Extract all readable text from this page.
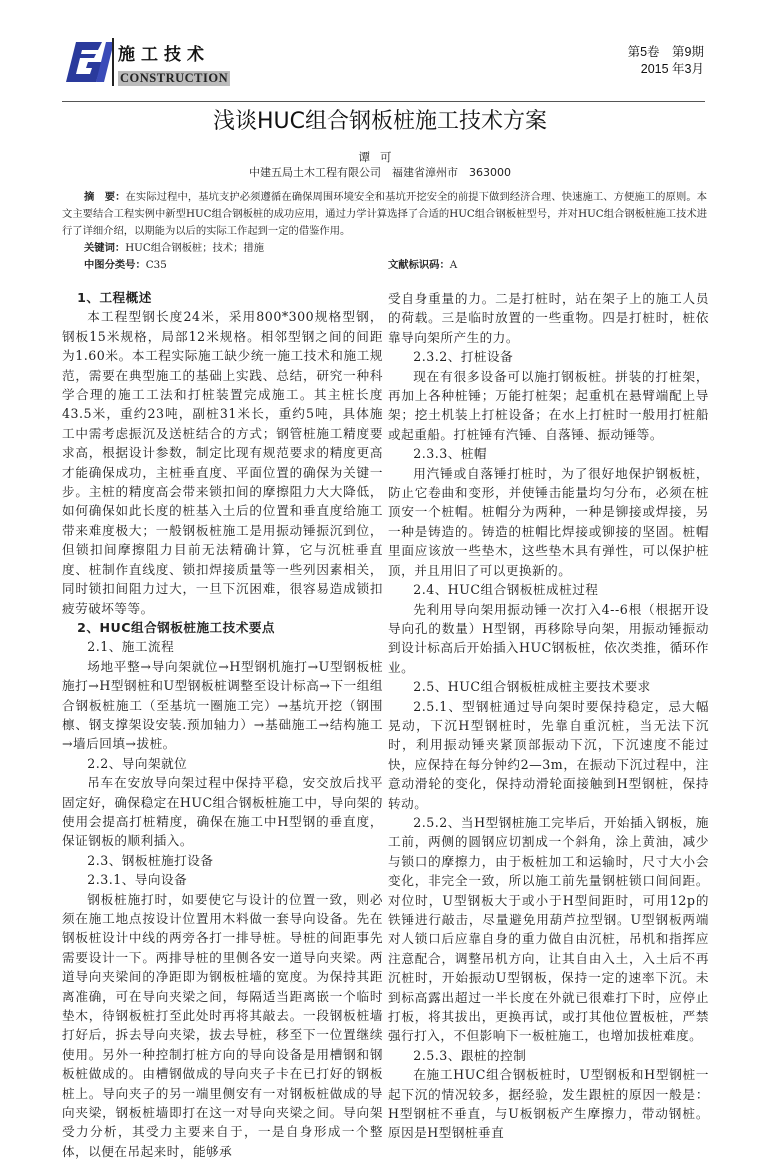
施工技术
CONSTRUCTION
第5卷　第9期
2015 年3月
浅谈HUC组合钢板桩施工技术方案
谭可
中建五局土木工程有限公司　福建省漳州市　363000
摘　要：在实际过程中，基坑支护必须遵循在确保周围环境安全和基坑开挖安全的前提下做到经济合理、快速施工、方便施工的原则。本文主要结合工程实例中新型HUC组合钢板桩的成功应用，通过力学计算选择了合适的HUC组合钢板桩型号，并对HUC组合钢板桩施工技术进行了详细介绍，以期能为以后的实际工作起到一定的借鉴作用。
关键词：HUC组合钢板桩；技术；措施
中图分类号：C35	文献标识码：A

1、工程概述

本工程型钢长度24米，采用800*300规格型钢，钢板15米规格，局部12米规格。相邻型钢之间的间距为1.60米。本工程实际施工缺少统一施工技术和施工规范，需要在典型施工的基础上实践、总结，研究一种科学合理的施工工法和打桩装置完成施工。其主桩长度43.5米，重约23吨，副桩31米长，重约5吨，具体施工中需考虑振沉及送桩结合的方式；钢管桩施工精度要求高，根据设计参数，制定比现有规范要求的精度更高才能确保成功，主桩垂直度、平面位置的确保为关键一步。主桩的精度高会带来锁扣间的摩擦阻力大大降低，如何确保如此长度的桩基入土后的位置和垂直度给施工带来难度极大；一般钢板桩施工是用振动锤振沉到位，但锁扣间摩擦阻力目前无法精确计算，它与沉桩垂直度、桩制作直线度、锁扣焊接质量等一些列因素相关，同时锁扣间阻力过大，一旦下沉困难，很容易造成锁扣疲劳破坏等等。

2、HUC组合钢板桩施工技术要点

2.1、施工流程

场地平整→导向架就位→H型钢机施打→U型钢板桩施打→H型钢桩和U型钢板桩调整至设计标高→下一组组合钢板桩施工（至基坑一圈施工完）→基坑开挖（钢围檩、钢支撑架设安装.预加轴力）→基础施工→结构施工→墙后回填→拔桩。

2.2、导向架就位

吊车在安放导向架过程中保持平稳，安交放后找平固定好，确保稳定在HUC组合钢板桩施工中，导向架的使用会提高打桩精度，确保在施工中H型钢的垂直度，保证钢板的顺利插入。

2.3、钢板桩施打设备

2.3.1、导向设备

钢板桩施打时，如要使它与设计的位置一致，则必须在施工地点按设计位置用木料做一套导向设备。先在钢板桩设计中线的两旁各打一排导桩。导桩的间距事先需要设计一下。两排导桩的里侧各安一道导向夹梁。两道导向夹梁间的净距即为钢板桩墙的宽度。为保持其距离准确，可在导向夹梁之间，每隔适当距离嵌一个临时垫木，待钢板桩打至此处时再将其敲去。一段钢板桩墙打好后，拆去导向夹梁，拔去导桩，移至下一位置继续使用。另外一种控制打桩方向的导向设备是用槽钢和钢板桩做成的。由槽钢做成的导向夹子卡在已打好的钢板桩上。导向夹子的另一端里侧安有一对钢板桩做成的导向夹梁，钢板桩墙即打在这一对导向夹梁之间。导向架受力分析，其受力主要来自于，一是自身形成一个整体，以便在吊起来时，能够承

受自身重量的力。二是打桩时，站在架子上的施工人员的荷载。三是临时放置的一些重物。四是打桩时，桩依靠导向架所产生的力。

2.3.2、打桩设备

现在有很多设备可以施打钢板桩。拼装的打桩架，再加上各种桩锤；万能打桩架；起重机在悬臂端配上导架；挖土机装上打桩设备；在水上打桩时一般用打桩船或起重船。打桩锤有汽锤、自落锤、振动锤等。

2.3.3、桩帽

用汽锤或自落锤打桩时，为了很好地保护钢板桩，防止它卷曲和变形，并使锤击能量均匀分布，必须在桩顶安一个桩帽。桩帽分为两种，一种是铆接或焊接，另一种是铸造的。铸造的桩帽比焊接或铆接的坚固。桩帽里面应该放一些垫木，这些垫木具有弹性，可以保护桩顶，并且用旧了可以更换新的。

2.4、HUC组合钢板桩成桩过程

先利用导向架用振动锤一次打入4--6根（根据开设导向孔的数量）H型钢，再移除导向架，用振动锤振动到设计标高后开始插入HUC钢板桩，依次类推，循环作业。

2.5、HUC组合钢板桩成桩主要技术要求

2.5.1、型钢桩通过导向架时要保持稳定，忌大幅晃动，下沉H型钢桩时，先靠自重沉桩，当无法下沉时，利用振动锤夹紧顶部振动下沉，下沉速度不能过快，应保持在每分钟约2—3m，在振动下沉过程中，注意动滑轮的变化，保持动滑轮面接触到H型钢桩，保持转动。

2.5.2、当H型钢桩施工完毕后，开始插入钢板，施工前，两侧的圆钢应切割成一个斜角，涂上黄油，减少与锁口的摩擦力，由于板桩加工和运输时，尺寸大小会变化，非完全一致，所以施工前先量钢桩锁口间间距。对位时，U型钢板大于或小于H型间距时，可用12p的铁锤进行敲击，尽量避免用葫芦拉型钢。U型钢板两端对人锁口后应靠自身的重力做自由沉桩，吊机和指挥应注意配合，调整吊机方向，让其自由入土，入土后不再沉桩时，开始振动U型钢板，保持一定的速率下沉。未到标高露出超过一半长度在外就已很难打下时，应停止打板，将其拔出，更换再试，或打其他位置板桩，严禁强行打入，不但影响下一板桩施工，也增加拔桩难度。

2.5.3、跟桩的控制

在施工HUC组合钢板桩时，U型钢板和H型钢桩一起下沉的情况较多，据经验，发生跟桩的原因一般是：H型钢桩不垂直，与U板钢板产生摩擦力，带动钢桩。原因是H型钢桩垂直
